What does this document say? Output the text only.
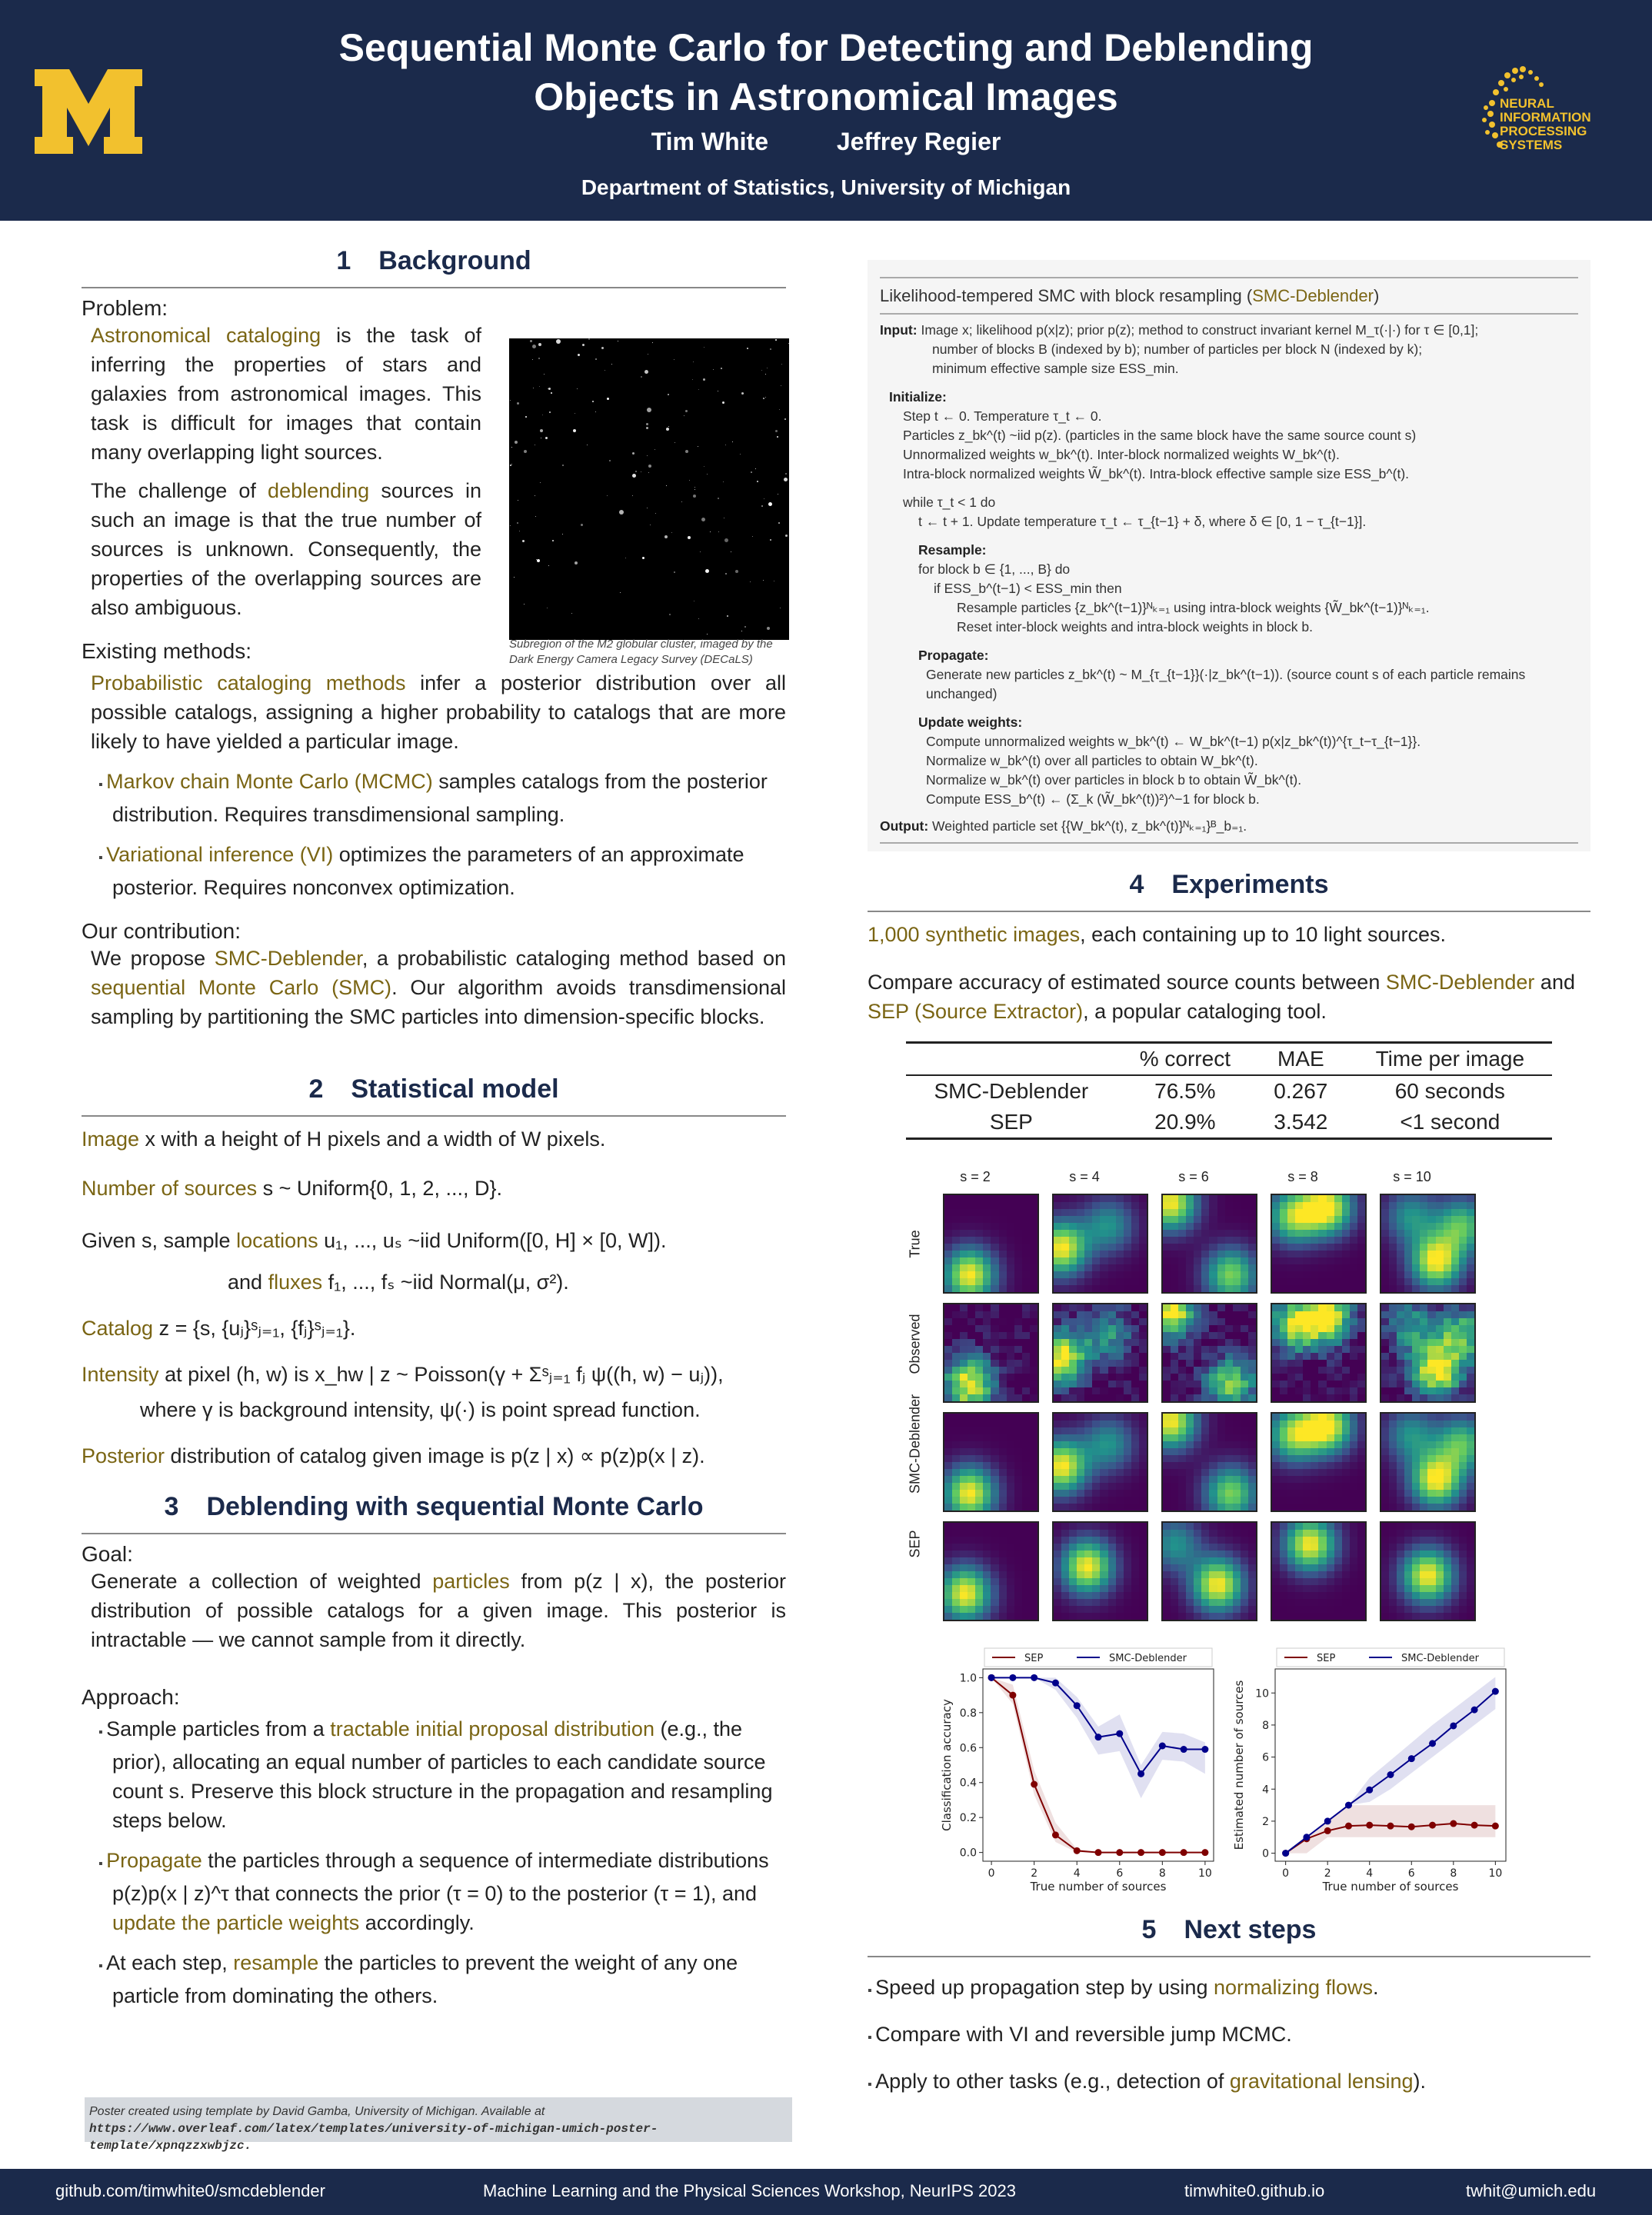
Sequential Monte Carlo for Detecting and Deblending
Objects in Astronomical Images
Tim White	Jeffrey Regier
Department of Statistics, University of Michigan
NEURAL
INFORMATION
PROCESSING
SYSTEMS
1 Background
Problem:

Astronomical cataloging is the task of inferring the properties of stars and galaxies from astronomical images. This task is difficult for images that contain many overlapping light sources.

The challenge of deblending sources in such an image is that the true number of sources is unknown. Consequently, the properties of the overlapping sources are also ambiguous.

Subregion of the M2 globular cluster, imaged by the Dark Energy Camera Legacy Survey (DECaLS)
Existing methods:

Probabilistic cataloging methods infer a posterior distribution over all possible catalogs, assigning a higher probability to catalogs that are more likely to have yielded a particular image.

▪ Markov chain Monte Carlo (MCMC) samples catalogs from the posterior distribution. Requires transdimensional sampling.
▪ Variational inference (VI) optimizes the parameters of an approximate posterior. Requires nonconvex optimization.
Our contribution:

We propose SMC-Deblender, a probabilistic cataloging method based on sequential Monte Carlo (SMC). Our algorithm avoids transdimensional sampling by partitioning the SMC particles into dimension-specific blocks.

2 Statistical model

Image x with a height of H pixels and a width of W pixels.

Number of sources s ~ Uniform{0, 1, 2, ..., D}.

Given s, sample locations u₁, ..., uₛ ~iid Uniform([0, H] × [0, W]).

and fluxes f₁, ..., fₛ ~iid Normal(μ, σ²).

Catalog z = {s, {uⱼ}ˢⱼ₌₁, {fⱼ}ˢⱼ₌₁}.

Intensity at pixel (h, w) is x_hw | z ~ Poisson(γ + Σˢⱼ₌₁ fⱼ ψ((h, w) − uⱼ)),

where γ is background intensity, ψ(·) is point spread function.

Posterior distribution of catalog given image is p(z | x) ∝ p(z)p(x | z).

3 Deblending with sequential Monte Carlo
Goal:

Generate a collection of weighted particles from p(z | x), the posterior distribution of possible catalogs for a given image. This posterior is intractable — we cannot sample from it directly.

Approach:
▪ Sample particles from a tractable initial proposal distribution (e.g., the prior), allocating an equal number of particles to each candidate source count s. Preserve this block structure in the propagation and resampling steps below.
▪ Propagate the particles through a sequence of intermediate distributions p(z)p(x | z)^τ that connects the prior (τ = 0) to the posterior (τ = 1), and update the particle weights accordingly.
▪ At each step, resample the particles to prevent the weight of any one particle from dominating the others.
Poster created using template by David Gamba, University of Michigan. Available at https://www.overleaf.com/latex/templates/university-of-michigan-umich-poster-template/xpnqzzxwbjzc.
Likelihood-tempered SMC with block resampling (SMC-Deblender)
Input: Image x; likelihood p(x|z); prior p(z); method to construct invariant kernel M_τ(·|·) for τ ∈ [0,1];
number of blocks B (indexed by b); number of particles per block N (indexed by k);
minimum effective sample size ESS_min.
Initialize:
Step t ← 0. Temperature τ_t ← 0.
Particles z_bk^(t) ~iid p(z). (particles in the same block have the same source count s)
Unnormalized weights w_bk^(t). Inter-block normalized weights W_bk^(t).
Intra-block normalized weights W̃_bk^(t). Intra-block effective sample size ESS_b^(t).
while τ_t < 1 do
t ← t + 1. Update temperature τ_t ← τ_{t−1} + δ, where δ ∈ [0, 1 − τ_{t−1}].
Resample:
for block b ∈ {1, ..., B} do
if ESS_b^(t−1) < ESS_min then
Resample particles {z_bk^(t−1)}ᴺₖ₌₁ using intra-block weights {W̃_bk^(t−1)}ᴺₖ₌₁.
Reset inter-block weights and intra-block weights in block b.
Propagate:
Generate new particles z_bk^(t) ~ M_{τ_{t−1}}(·|z_bk^(t−1)). (source count s of each particle remains unchanged)
Update weights:
Compute unnormalized weights w_bk^(t) ← W_bk^(t−1) p(x|z_bk^(t))^{τ_t−τ_{t−1}}.
Normalize w_bk^(t) over all particles to obtain W_bk^(t).
Normalize w_bk^(t) over particles in block b to obtain W̃_bk^(t).
Compute ESS_b^(t) ← (Σ_k (W̃_bk^(t))²)^−1 for block b.
Output: Weighted particle set {{W_bk^(t), z_bk^(t)}ᴺₖ₌₁}ᴮ_b₌₁.
4 Experiments

1,000 synthetic images, each containing up to 10 light sources.

Compare accuracy of estimated source counts between SMC-Deblender and SEP (Source Extractor), a popular cataloging tool.

	% correct	MAE	Time per image
SMC-Deblender	76.5%	0.267	60 seconds
SEP	20.9%	3.542	<1 second
s = 2	s = 4	s = 6	s = 8	s = 10
True
Observed
SMC-Deblender
SEP
0	2	4	6	8	10
0.0
0.2
0.4
0.6
0.8
1.0
True number of sources
Classification accuracy
SEP	SMC-Deblender
0	2	4	6	8	10
0
2
4
6
8
10
True number of sources
Estimated number of sources
SEP	SMC-Deblender
5 Next steps
▪ Speed up propagation step by using normalizing flows.
▪ Compare with VI and reversible jump MCMC.
▪ Apply to other tasks (e.g., detection of gravitational lensing).
github.com/timwhite0/smcdeblender	Machine Learning and the Physical Sciences Workshop, NeurIPS 2023	timwhite0.github.io	twhit@umich.edu
